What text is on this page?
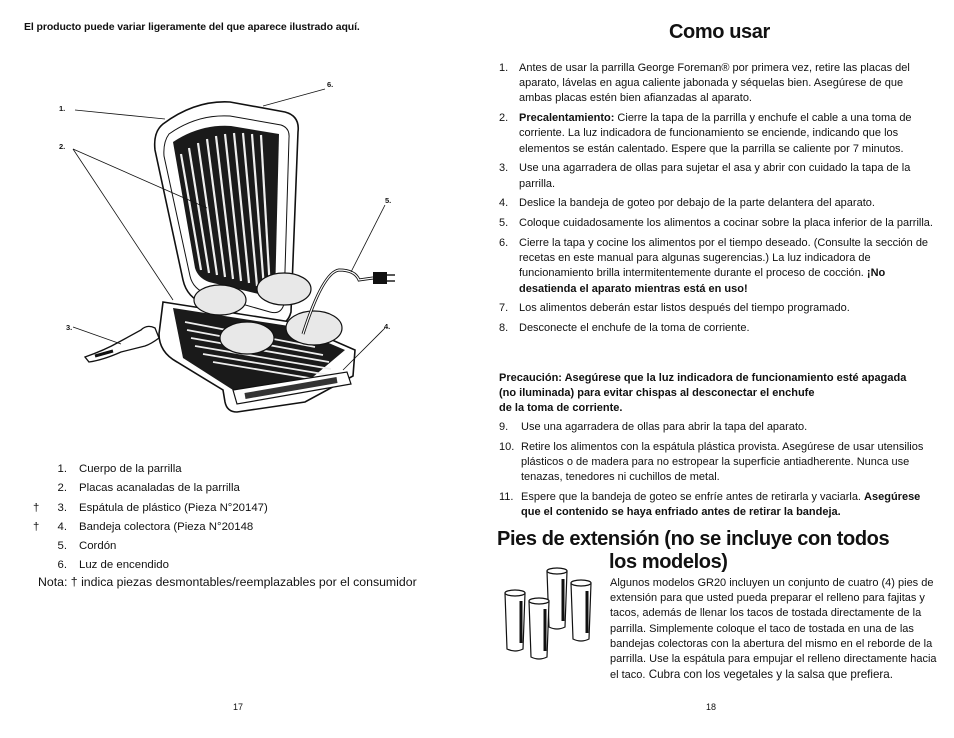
El producto puede variar ligeramente del que aparece ilustrado aquí.
1.
2.
3.	4.
5.
6.
1.	Cuerpo de la parrilla
2.	Placas acanaladas de la parrilla
†	3.	Espátula de plástico (Pieza N°20147)
†	4.	Bandeja colectora (Pieza N°20148
5.	Cordón
6.	Luz de encendido
Nota: † indica piezas desmontables/reemplazables por el consumidor
17
Como usar
1. Antes de usar la parrilla George Foreman® por primera vez, retire las placas del aparato, lávelas en agua caliente jabonada y séquelas bien. Asegúrese de que ambas placas estén bien afianzadas al aparato.
2. Precalentamiento: Cierre la tapa de la parrilla y enchufe el cable a una toma de corriente. La luz indicadora de funcionamiento se enciende, indicando que los elementos se están calentado. Espere que la parrilla se caliente por 7 minutos.
3. Use una agarradera de ollas para sujetar el asa y abrir con cuidado la tapa de la parrilla.
4. Deslice la bandeja de goteo por debajo de la parte delantera del aparato.
5. Coloque cuidadosamente los alimentos a cocinar sobre la placa inferior de la parrilla.
6. Cierre la tapa y cocine los alimentos por el tiempo deseado. (Consulte la sección de recetas en este manual para algunas sugerencias.) La luz indicadora de funcionamiento brilla intermitentemente durante el proceso de cocción. ¡No desatienda el aparato mientras está en uso!
7. Los alimentos deberán estar listos después del tiempo programado.
8. Desconecte el enchufe de la toma de corriente.
Precaución: Asegúrese que la luz indicadora de funcionamiento esté apagada
(no iluminada) para evitar chispas al desconectar el enchufe
de la toma de corriente.
9.	Use una agarradera de ollas para abrir la tapa del aparato.
10. Retire los alimentos con la espátula plástica provista. Asegúrese de usar utensilios plásticos o de madera para no estropear la superficie antiadherente. Nunca use tenazas, tenedores ni cuchillos de metal.
11. Espere que la bandeja de goteo se enfríe antes de retirarla y vaciarla. Asegúrese que el contenido se haya enfriado antes de retirar la bandeja.
Pies de extensión (no se incluye con todos
los modelos)
Algunos modelos GR20 incluyen un conjunto de cuatro (4) pies de extensión para que usted pueda preparar el relleno para fajitas y tacos, además de llenar los tacos de tostada directamente de la parrilla. Simplemente coloque el taco de tostada en una de las bandejas colectoras con la abertura del mismo en el reborde de la parrilla. Use la espátula para empujar el relleno directamente hacia el taco. Cubra con los vegetales y la salsa que prefiera.
18
